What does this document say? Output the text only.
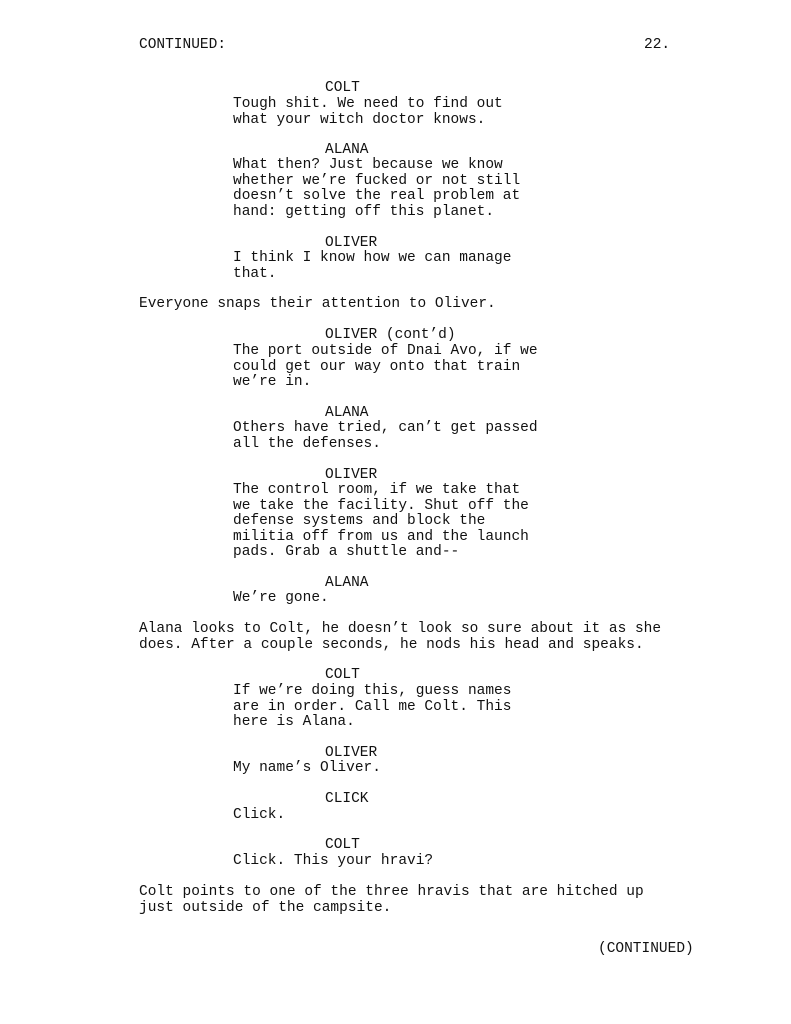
CONTINUED:	22.
COLT
Tough shit. We need to find out
what your witch doctor knows.
ALANA
What then? Just because we know
whether we’re fucked or not still
doesn’t solve the real problem at
hand: getting off this planet.
OLIVER
I think I know how we can manage
that.
Everyone snaps their attention to Oliver.
OLIVER (cont’d)
The port outside of Dnai Avo, if we
could get our way onto that train
we’re in.
ALANA
Others have tried, can’t get passed
all the defenses.
OLIVER
The control room, if we take that
we take the facility. Shut off the
defense systems and block the
militia off from us and the launch
pads. Grab a shuttle and--
ALANA
We’re gone.
Alana looks to Colt, he doesn’t look so sure about it as she
does. After a couple seconds, he nods his head and speaks.
COLT
If we’re doing this, guess names
are in order. Call me Colt. This
here is Alana.
OLIVER
My name’s Oliver.
CLICK
Click.
COLT
Click. This your hravi?
Colt points to one of the three hravis that are hitched up
just outside of the campsite.
(CONTINUED)
